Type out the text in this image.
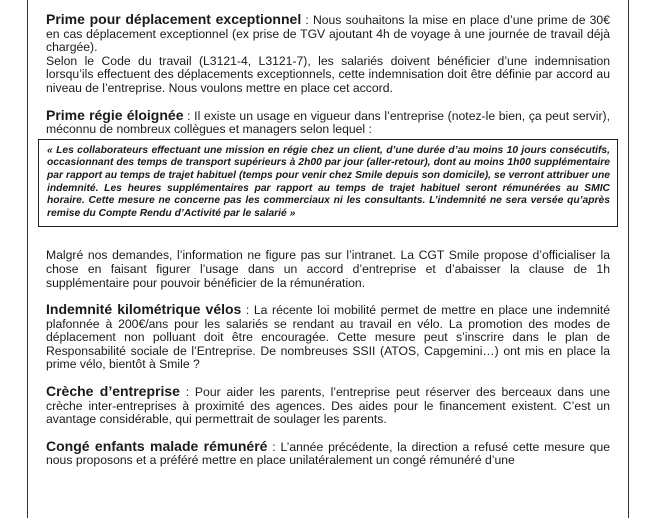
Prime pour déplacement exceptionnel : Nous souhaitons la mise en place d’une prime de 30€ en cas déplacement exceptionnel (ex prise de TGV ajoutant 4h de voyage à une journée de travail déjà chargée).

Selon le Code du travail (L3121-4, L3121-7), les salariés doivent bénéficier d’une indemnisation lorsqu’ils effectuent des déplacements exceptionnels, cette indemnisation doit être définie par accord au niveau de l’entreprise. Nous voulons mettre en place cet accord.

Prime régie éloignée : Il existe un usage en vigueur dans l’entreprise (notez-le bien, ça peut servir), méconnu de nombreux collègues et managers selon lequel :

« Les collaborateurs effectuant une mission en régie chez un client, d’une durée d’au moins 10 jours consécutifs, occasionnant des temps de transport supérieurs à 2h00 par jour (aller-retour), dont au moins 1h00 supplémentaire par rapport au temps de trajet habituel (temps pour venir chez Smile depuis son domicile), se verront attribuer une indemnité. Les heures supplémentaires par rapport au temps de trajet habituel seront rémunérées au SMIC horaire. Cette mesure ne concerne pas les commerciaux ni les consultants. L’indemnité ne sera versée qu’après remise du Compte Rendu d’Activité par le salarié »

Malgré nos demandes, l’information ne figure pas sur l’intranet. La CGT Smile propose d’officialiser la chose en faisant figurer l’usage dans un accord d’entreprise et d’abaisser la clause de 1h supplémentaire pour pouvoir bénéficier de la rémunération.

Indemnité kilométrique vélos : La récente loi mobilité permet de mettre en place une indemnité plafonnée à 200€/ans pour les salariés se rendant au travail en vélo. La promotion des modes de déplacement non polluant doit être encouragée. Cette mesure peut s’inscrire dans le plan de Responsabilité sociale de l’Entreprise. De nombreuses SSII (ATOS, Capgemini…) ont mis en place la prime vélo, bientôt à Smile ?

Crèche d’entreprise : Pour aider les parents, l’entreprise peut réserver des berceaux dans une crèche inter-entreprises à proximité des agences. Des aides pour le financement existent. C’est un avantage considérable, qui permettrait de soulager les parents.

Congé enfants malade rémunéré : L’année précédente, la direction a refusé cette mesure que nous proposons et a préféré mettre en place unilatéralement un congé rémunéré d’une
